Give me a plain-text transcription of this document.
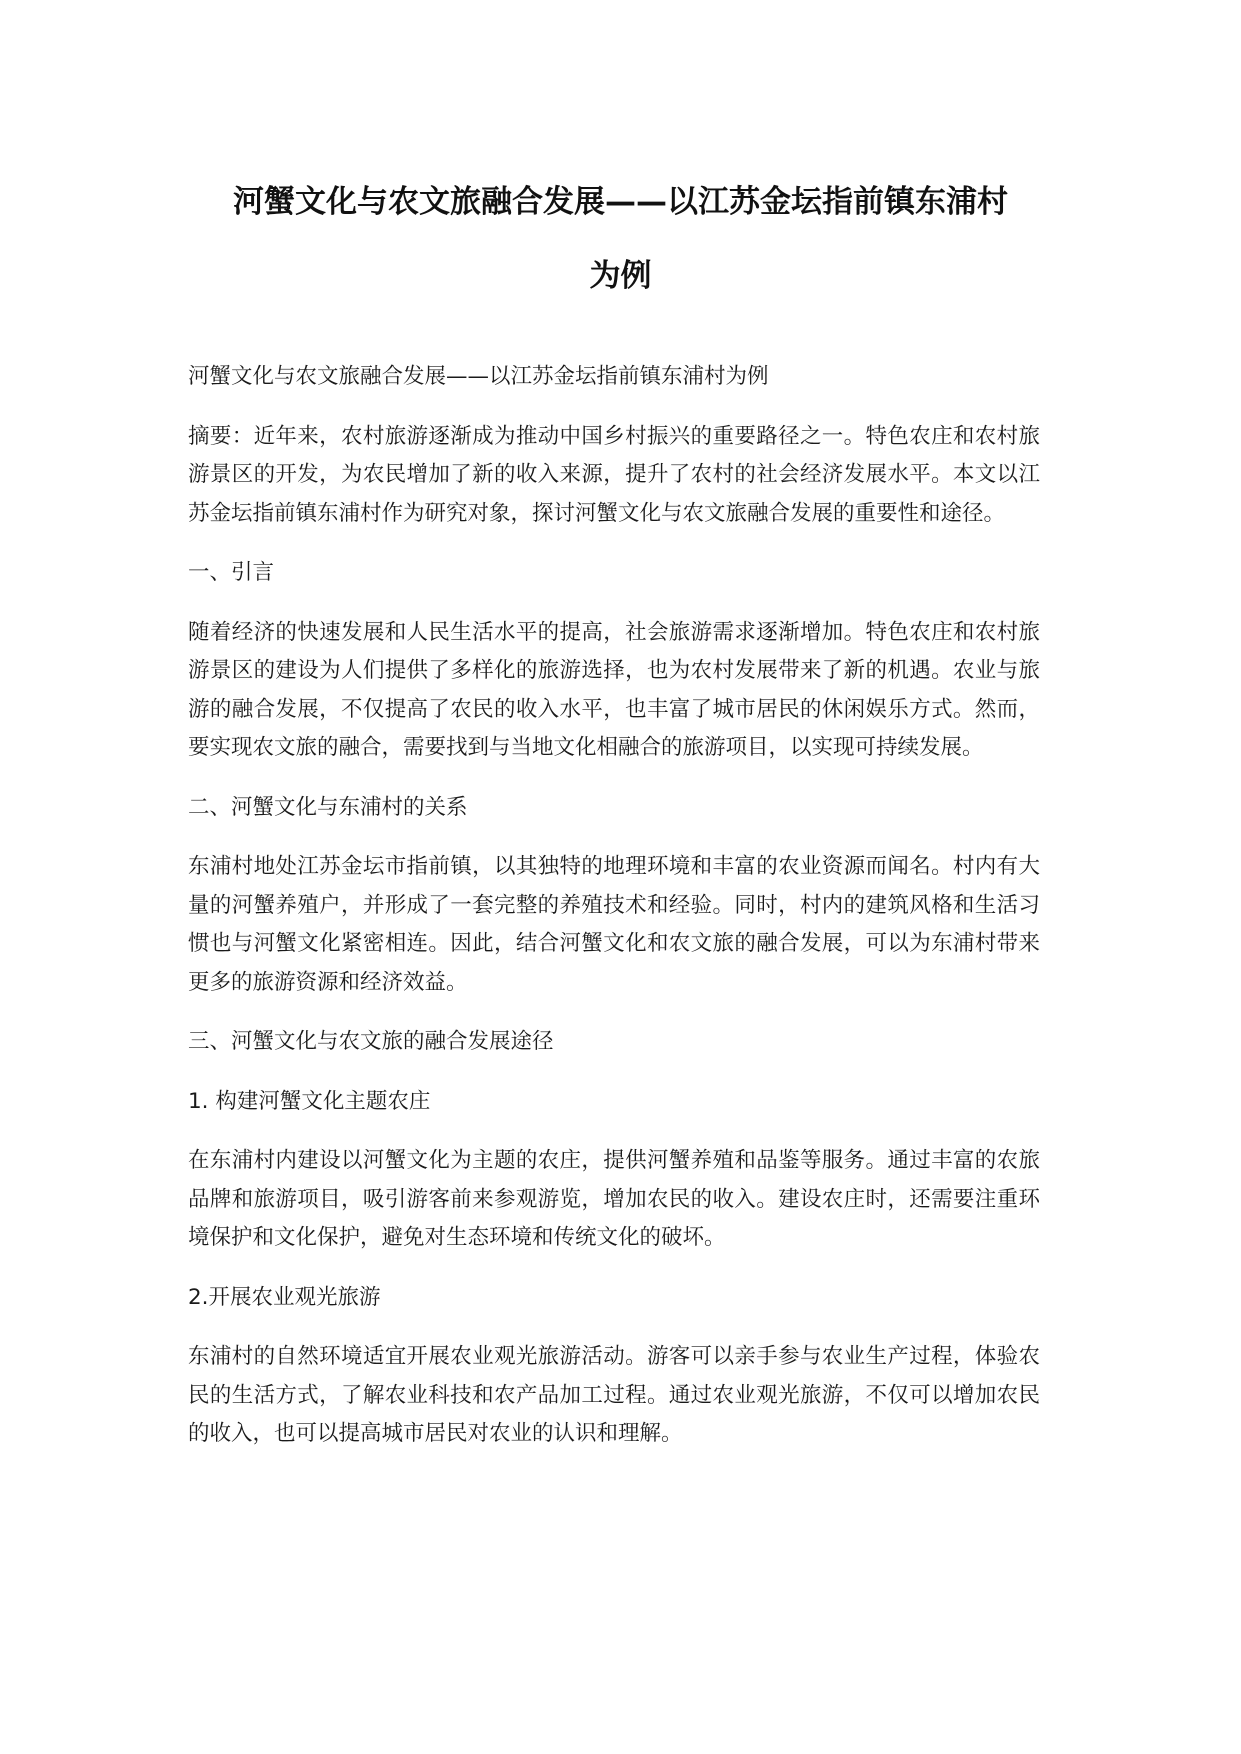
河蟹文化与农文旅融合发展——以江苏金坛指前镇东浦村
为例

河蟹文化与农文旅融合发展——以江苏金坛指前镇东浦村为例

摘要：近年来，农村旅游逐渐成为推动中国乡村振兴的重要路径之一。特色农庄和农村旅游景区的开发，为农民增加了新的收入来源，提升了农村的社会经济发展水平。本文以江苏金坛指前镇东浦村作为研究对象，探讨河蟹文化与农文旅融合发展的重要性和途径。

一、引言

随着经济的快速发展和人民生活水平的提高，社会旅游需求逐渐增加。特色农庄和农村旅游景区的建设为人们提供了多样化的旅游选择，也为农村发展带来了新的机遇。农业与旅游的融合发展，不仅提高了农民的收入水平，也丰富了城市居民的休闲娱乐方式。然而，要实现农文旅的融合，需要找到与当地文化相融合的旅游项目，以实现可持续发展。

二、河蟹文化与东浦村的关系

东浦村地处江苏金坛市指前镇，以其独特的地理环境和丰富的农业资源而闻名。村内有大量的河蟹养殖户，并形成了一套完整的养殖技术和经验。同时，村内的建筑风格和生活习惯也与河蟹文化紧密相连。因此，结合河蟹文化和农文旅的融合发展，可以为东浦村带来更多的旅游资源和经济效益。

三、河蟹文化与农文旅的融合发展途径

1. 构建河蟹文化主题农庄

在东浦村内建设以河蟹文化为主题的农庄，提供河蟹养殖和品鉴等服务。通过丰富的农旅品牌和旅游项目，吸引游客前来参观游览，增加农民的收入。建设农庄时，还需要注重环境保护和文化保护，避免对生态环境和传统文化的破坏。

2.开展农业观光旅游

东浦村的自然环境适宜开展农业观光旅游活动。游客可以亲手参与农业生产过程，体验农民的生活方式，了解农业科技和农产品加工过程。通过农业观光旅游，不仅可以增加农民的收入，也可以提高城市居民对农业的认识和理解。
